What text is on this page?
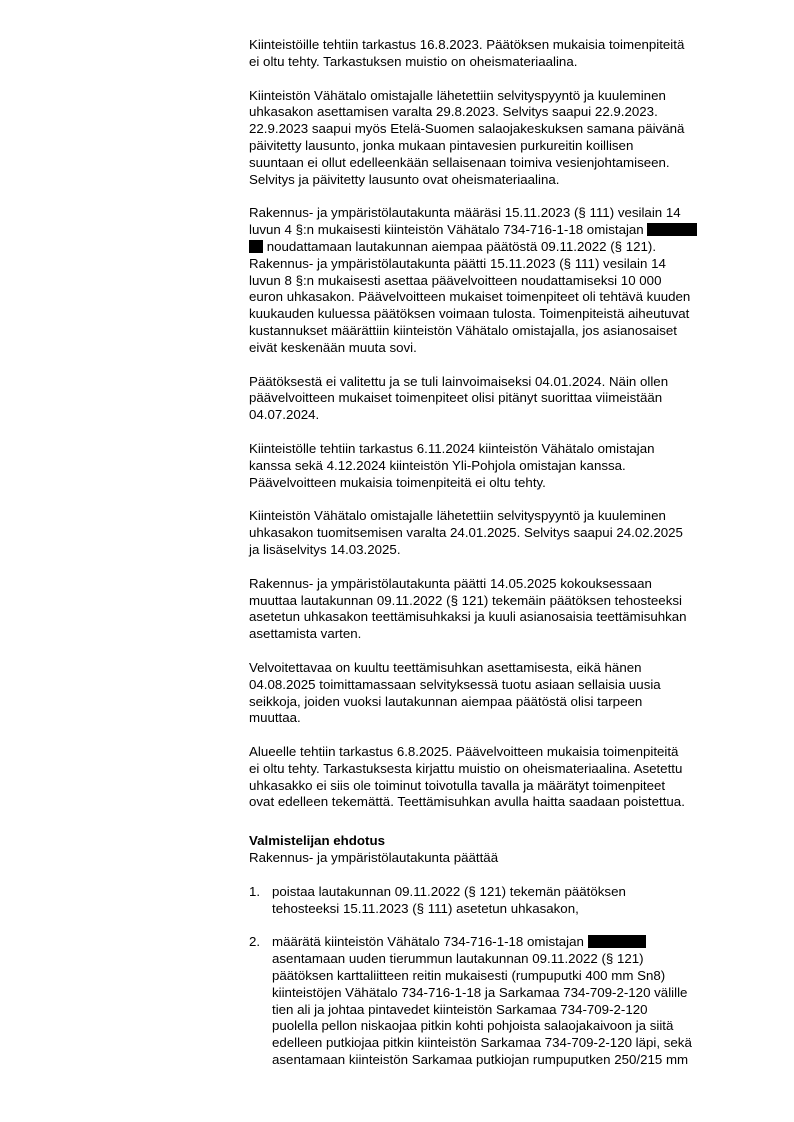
Kiinteistöille tehtiin tarkastus 16.8.2023. Päätöksen mukaisia toimenpiteitä
ei oltu tehty. Tarkastuksen muistio on oheismateriaalina.
Kiinteistön Vähätalo omistajalle lähetettiin selvityspyyntö ja kuuleminen
uhkasakon asettamisen varalta 29.8.2023. Selvitys saapui 22.9.2023.
22.9.2023 saapui myös Etelä-Suomen salaojakeskuksen samana päivänä
päivitetty lausunto, jonka mukaan pintavesien purkureitin koillisen
suuntaan ei ollut edelleenkään sellaisenaan toimiva vesienjohtamiseen.
Selvitys ja päivitetty lausunto ovat oheismateriaalina.
Rakennus- ja ympäristölautakunta määräsi 15.11.2023 (§ 111) vesilain 14
luvun 4 §:n mukaisesti kiinteistön Vähätalo 734-716-1-18 omistajan
noudattamaan lautakunnan aiempaa päätöstä 09.11.2022 (§ 121).
Rakennus- ja ympäristölautakunta päätti 15.11.2023 (§ 111) vesilain 14
luvun 8 §:n mukaisesti asettaa päävelvoitteen noudattamiseksi 10 000
euron uhkasakon. Päävelvoitteen mukaiset toimenpiteet oli tehtävä kuuden
kuukauden kuluessa päätöksen voimaan tulosta. Toimenpiteistä aiheutuvat
kustannukset määrättiin kiinteistön Vähätalo omistajalla, jos asianosaiset
eivät keskenään muuta sovi.
Päätöksestä ei valitettu ja se tuli lainvoimaiseksi 04.01.2024. Näin ollen
päävelvoitteen mukaiset toimenpiteet olisi pitänyt suorittaa viimeistään
04.07.2024.
Kiinteistölle tehtiin tarkastus 6.11.2024 kiinteistön Vähätalo omistajan
kanssa sekä 4.12.2024 kiinteistön Yli-Pohjola omistajan kanssa.
Päävelvoitteen mukaisia toimenpiteitä ei oltu tehty.
Kiinteistön Vähätalo omistajalle lähetettiin selvityspyyntö ja kuuleminen
uhkasakon tuomitsemisen varalta 24.01.2025. Selvitys saapui 24.02.2025
ja lisäselvitys 14.03.2025.
Rakennus- ja ympäristölautakunta päätti 14.05.2025 kokouksessaan
muuttaa lautakunnan 09.11.2022 (§ 121) tekemäin päätöksen tehosteeksi
asetetun uhkasakon teettämisuhkaksi ja kuuli asianosaisia teettämisuhkan
asettamista varten.
Velvoitettavaa on kuultu teettämisuhkan asettamisesta, eikä hänen
04.08.2025 toimittamassaan selvityksessä tuotu asiaan sellaisia uusia
seikkoja, joiden vuoksi lautakunnan aiempaa päätöstä olisi tarpeen
muuttaa.
Alueelle tehtiin tarkastus 6.8.2025. Päävelvoitteen mukaisia toimenpiteitä
ei oltu tehty. Tarkastuksesta kirjattu muistio on oheismateriaalina. Asetettu
uhkasakko ei siis ole toiminut toivotulla tavalla ja määrätyt toimenpiteet
ovat edelleen tekemättä. Teettämisuhkan avulla haitta saadaan poistettua.
Valmistelijan ehdotus
Rakennus- ja ympäristölautakunta päättää
1. poistaa lautakunnan 09.11.2022 (§ 121) tekemän päätöksen
tehosteeksi 15.11.2023 (§ 111) asetetun uhkasakon,
2. määrätä kiinteistön Vähätalo 734-716-1-18 omistajan
asentamaan uuden tierummun lautakunnan 09.11.2022 (§ 121)
päätöksen karttaliitteen reitin mukaisesti (rumpuputki 400 mm Sn8)
kiinteistöjen Vähätalo 734-716-1-18 ja Sarkamaa 734-709-2-120 välille
tien ali ja johtaa pintavedet kiinteistön Sarkamaa 734-709-2-120
puolella pellon niskaojaa pitkin kohti pohjoista salaojakaivoon ja siitä
edelleen putkiojaa pitkin kiinteistön Sarkamaa 734-709-2-120 läpi, sekä
asentamaan kiinteistön Sarkamaa putkiojan rumpuputken 250/215 mm
